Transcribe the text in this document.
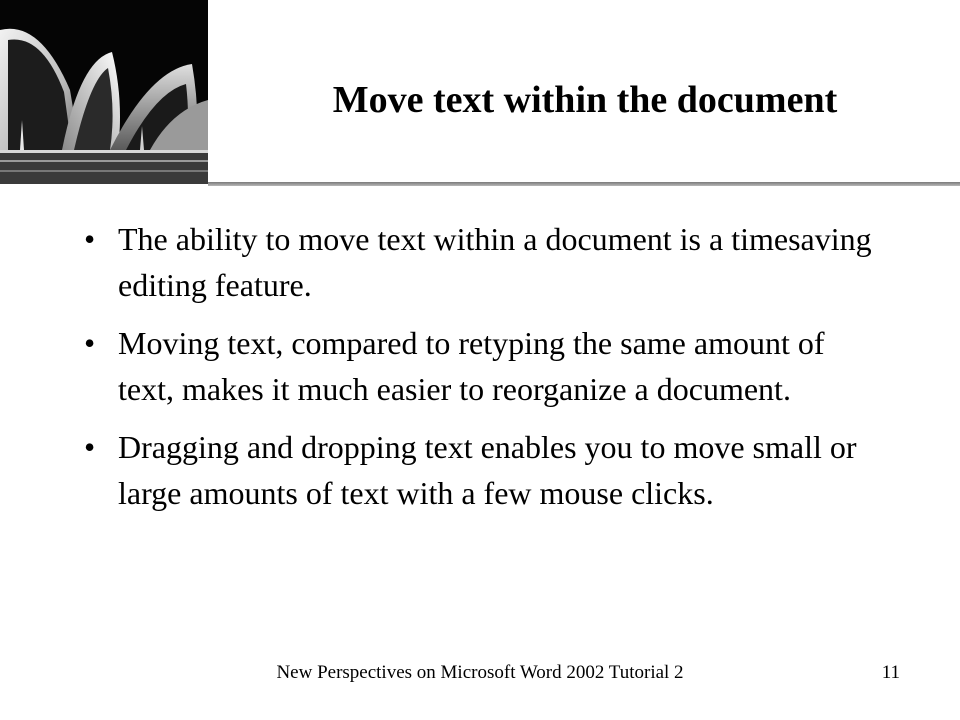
Move text within the document
• The ability to move text within a document is a timesaving editing feature.
• Moving text, compared to retyping the same amount of text, makes it much easier to reorganize a document.
• Dragging and dropping text enables you to move small or large amounts of text with a few mouse clicks.
New Perspectives on Microsoft Word 2002 Tutorial 2	11
